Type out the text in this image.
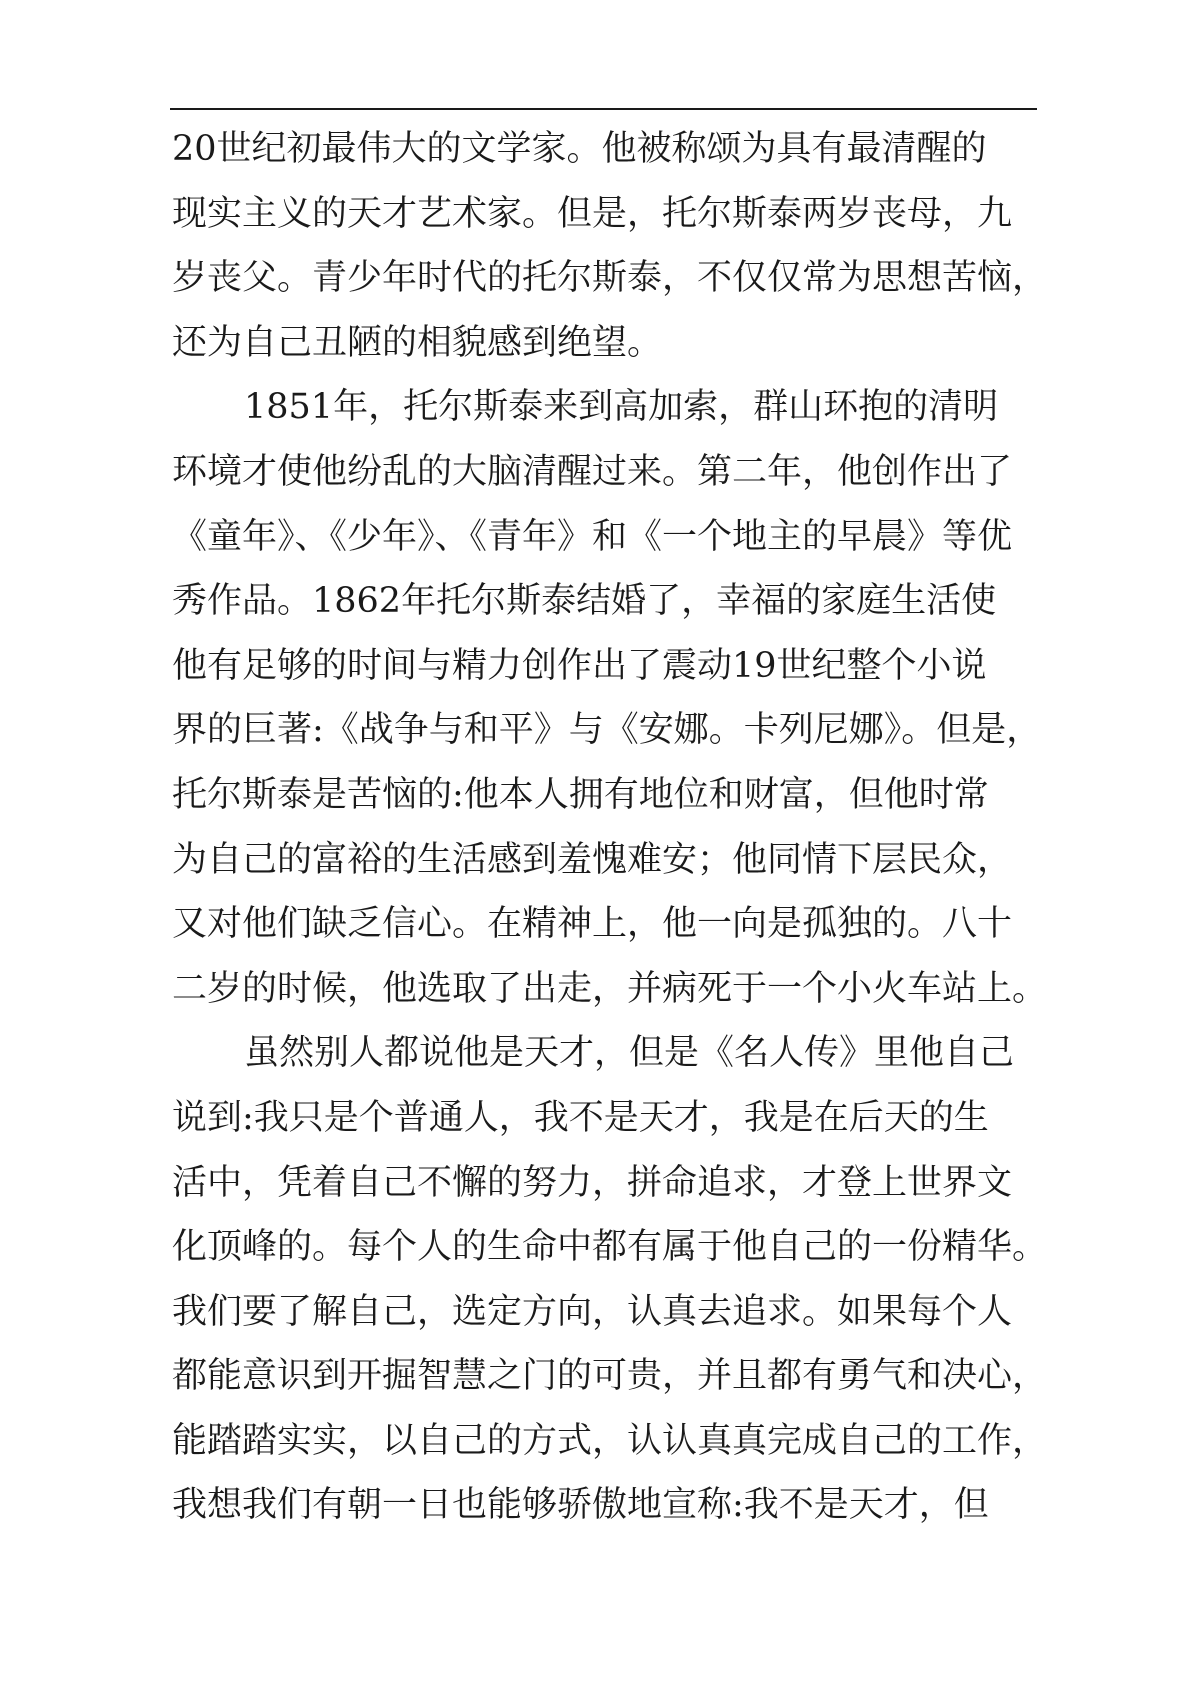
20世纪初最伟大的文学家。他被称颂为具有最清醒的
现实主义的天才艺术家。但是，托尔斯泰两岁丧母，九
岁丧父。青少年时代的托尔斯泰，不仅仅常为思想苦恼，
还为自己丑陋的相貌感到绝望。
1851年，托尔斯泰来到高加索，群山环抱的清明
环境才使他纷乱的大脑清醒过来。第二年，他创作出了
《童年》、《少年》、《青年》和《一个地主的早晨》等优
秀作品。1862年托尔斯泰结婚了，幸福的家庭生活使
他有足够的时间与精力创作出了震动19世纪整个小说
界的巨著:《战争与和平》与《安娜。卡列尼娜》。但是，
托尔斯泰是苦恼的:他本人拥有地位和财富，但他时常
为自己的富裕的生活感到羞愧难安；他同情下层民众，
又对他们缺乏信心。在精神上，他一向是孤独的。八十
二岁的时候，他选取了出走，并病死于一个小火车站上。
虽然别人都说他是天才，但是《名人传》里他自己
说到:我只是个普通人，我不是天才，我是在后天的生
活中，凭着自己不懈的努力，拼命追求，才登上世界文
化顶峰的。每个人的生命中都有属于他自己的一份精华。
我们要了解自己，选定方向，认真去追求。如果每个人
都能意识到开掘智慧之门的可贵，并且都有勇气和决心，
能踏踏实实，以自己的方式，认认真真完成自己的工作，
我想我们有朝一日也能够骄傲地宣称:我不是天才，但
